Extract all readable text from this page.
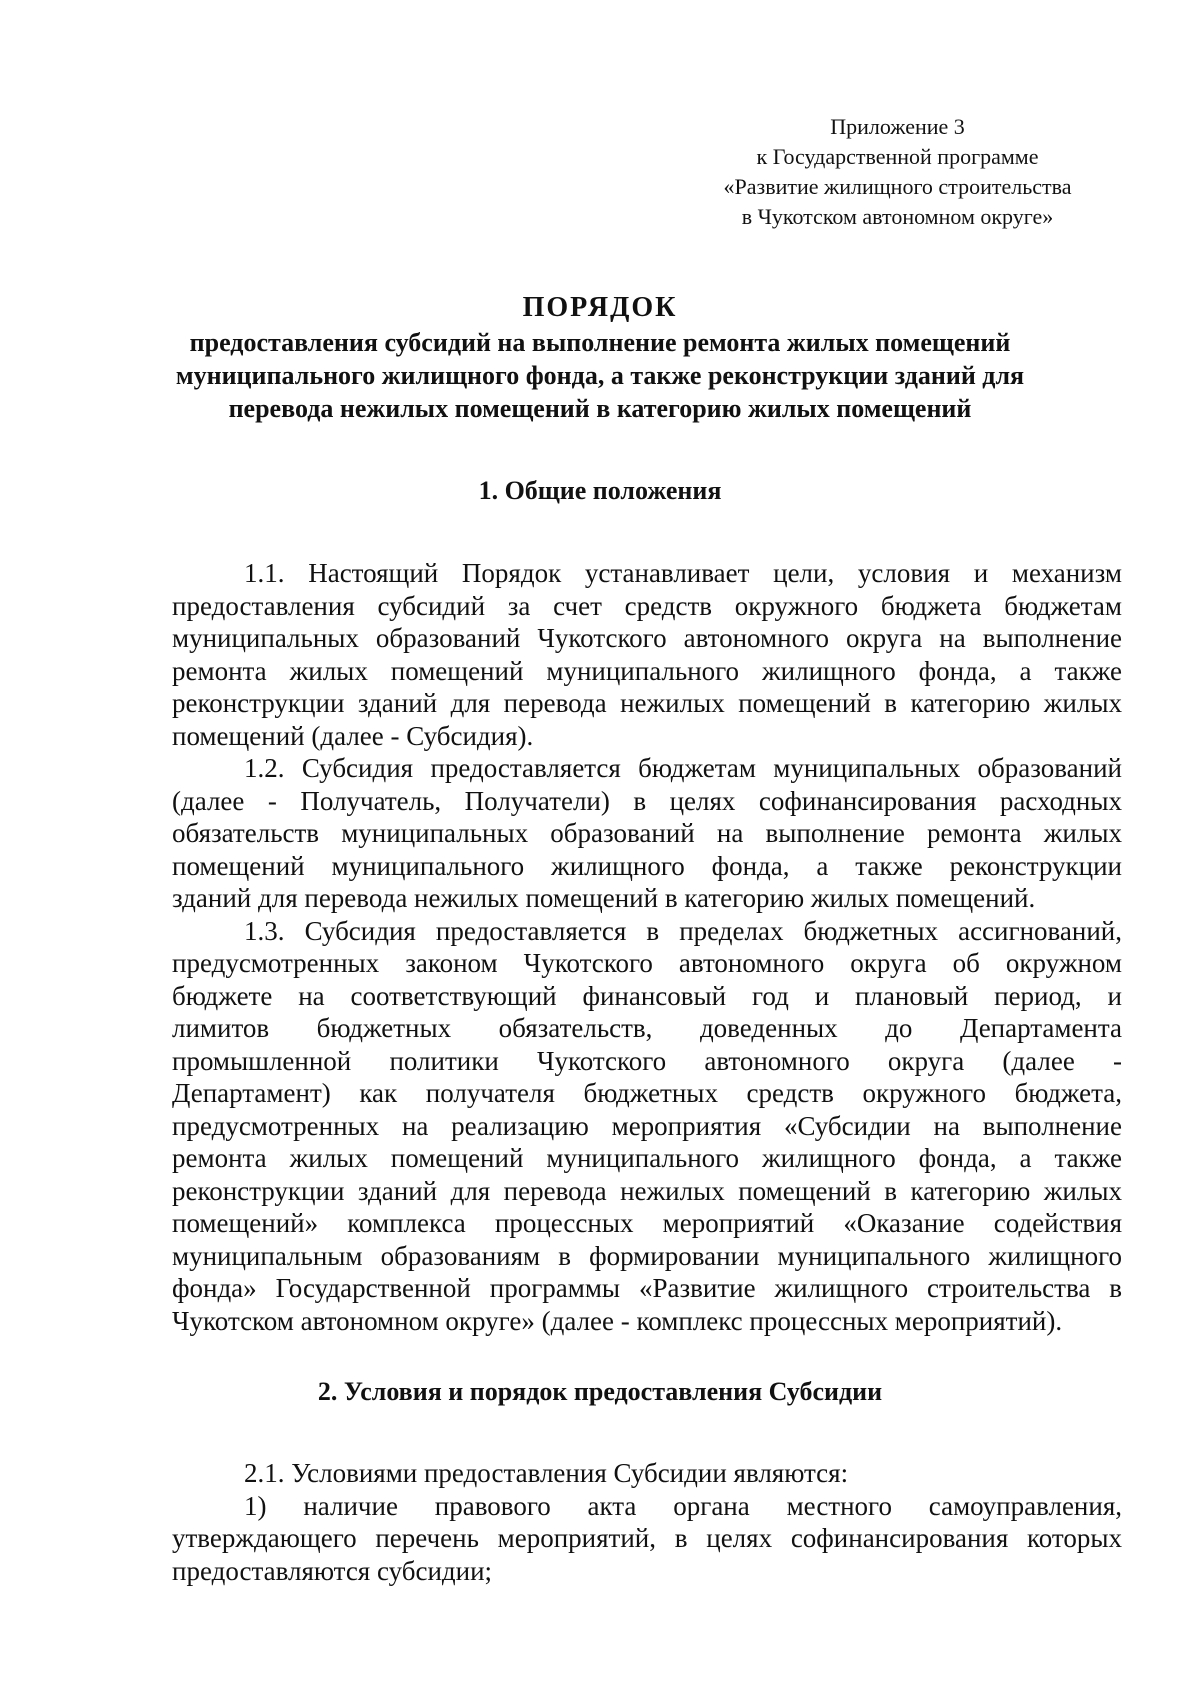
Приложение 3
к Государственной программе
«Развитие жилищного строительства
в Чукотском автономном округе»
ПОРЯДОК
предоставления субсидий на выполнение ремонта жилых помещений
муниципального жилищного фонда, а также реконструкции зданий для
перевода нежилых помещений в категорию жилых помещений
1. Общие положения
1.1. Настоящий Порядок устанавливает цели, условия и механизм
предоставления субсидий за счет средств окружного бюджета бюджетам
муниципальных образований Чукотского автономного округа на выполнение
ремонта жилых помещений муниципального жилищного фонда, а также
реконструкции зданий для перевода нежилых помещений в категорию жилых
помещений (далее - Субсидия).
1.2. Субсидия предоставляется бюджетам муниципальных образований
(далее - Получатель, Получатели) в целях софинансирования расходных
обязательств муниципальных образований на выполнение ремонта жилых
помещений муниципального жилищного фонда, а также реконструкции
зданий для перевода нежилых помещений в категорию жилых помещений.
1.3. Субсидия предоставляется в пределах бюджетных ассигнований,
предусмотренных законом Чукотского автономного округа об окружном
бюджете на соответствующий финансовый год и плановый период, и
лимитов бюджетных обязательств, доведенных до Департамента
промышленной политики Чукотского автономного округа (далее -
Департамент) как получателя бюджетных средств окружного бюджета,
предусмотренных на реализацию мероприятия «Субсидии на выполнение
ремонта жилых помещений муниципального жилищного фонда, а также
реконструкции зданий для перевода нежилых помещений в категорию жилых
помещений» комплекса процессных мероприятий «Оказание содействия
муниципальным образованиям в формировании муниципального жилищного
фонда» Государственной программы «Развитие жилищного строительства в
Чукотском автономном округе» (далее - комплекс процессных мероприятий).
2. Условия и порядок предоставления Субсидии
2.1. Условиями предоставления Субсидии являются:
1) наличие правового акта органа местного самоуправления,
утверждающего перечень мероприятий, в целях софинансирования которых
предоставляются субсидии;
